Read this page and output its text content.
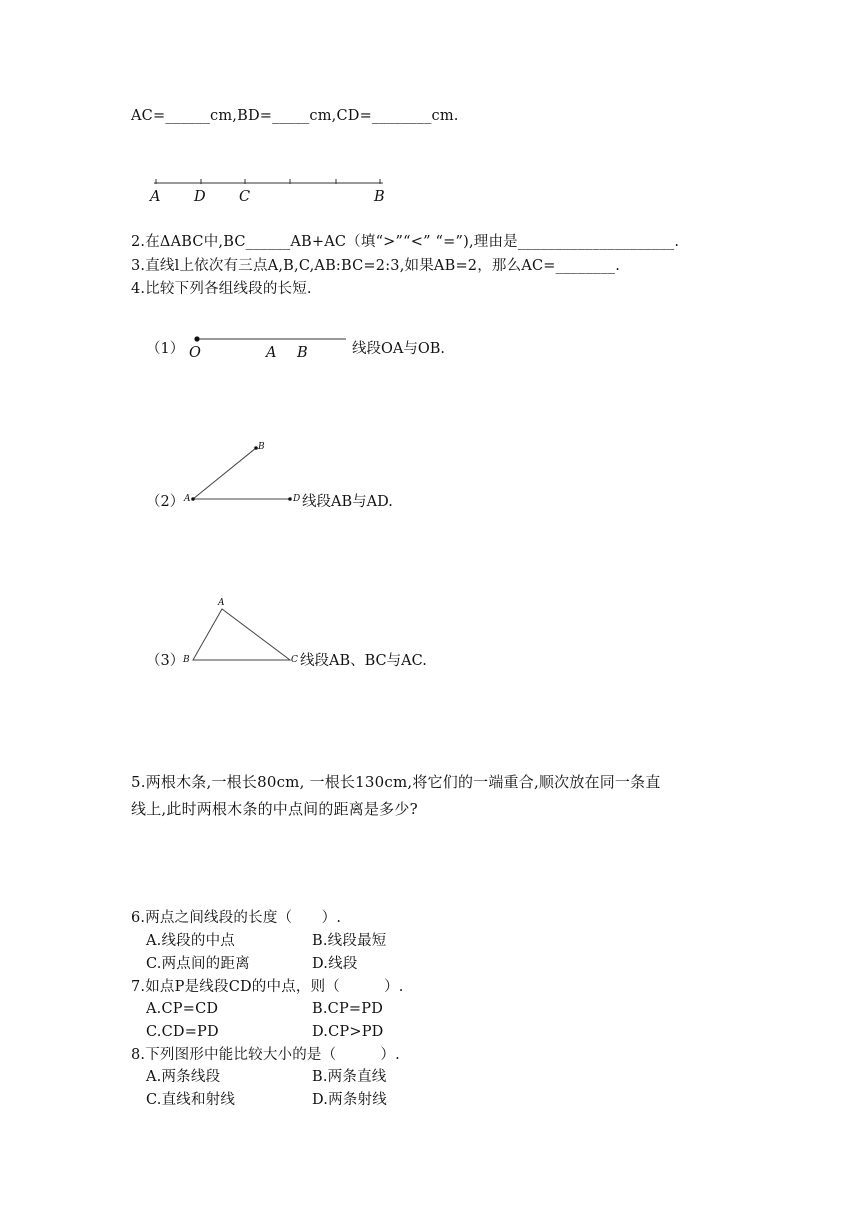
AC=______cm,BD=_____cm,CD=________cm.
A D C	B
2.在ΔABC中,BC______AB+AC（填“>”“<” “=”),理由是_____________________.
3.直线l上依次有三点A,B,C,AB:BC=2:3,如果AB=2，那么AC=________.
4.比较下列各组线段的长短.
（1） O	A B	线段OA与OB.
（2） A
B
D 线段AB与AD.
（3）
A
B	C 线段AB、BC与AC.
5.两根木条,一根长80cm, 一根长130cm,将它们的一端重合,顺次放在同一条直
线上,此时两根木条的中点间的距离是多少?
6.两点之间线段的长度（　　）.
A.线段的中点	B.线段最短
C.两点间的距离	D.线段
7.如点P是线段CD的中点，则（　　　）.
A.CP=CD	B.CP=PD
C.CD=PD	D.CP>PD
8.下列图形中能比较大小的是（　　　）.
A.两条线段	B.两条直线
C.直线和射线	D.两条射线
